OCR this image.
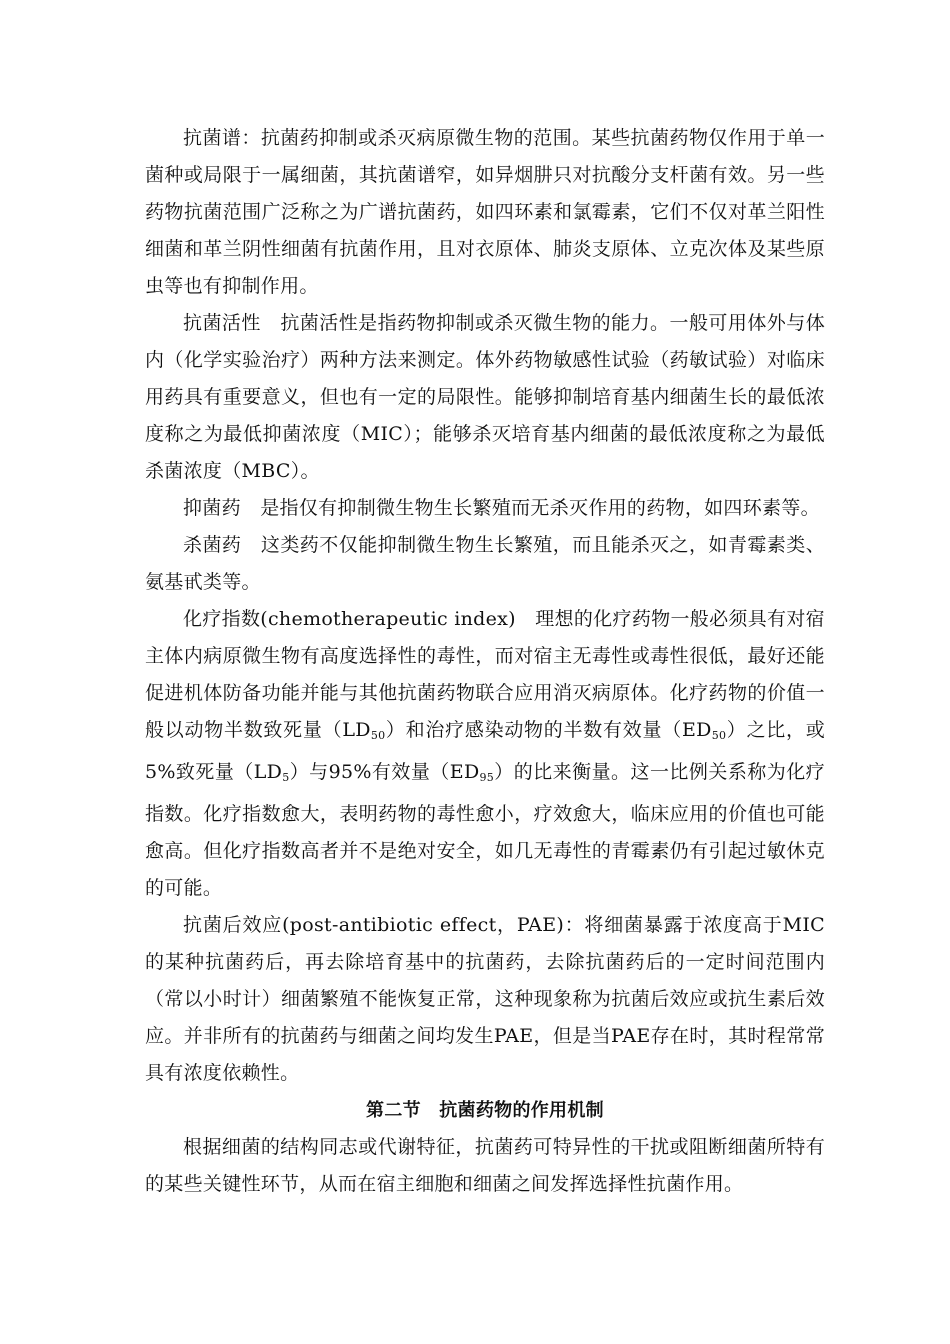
抗菌谱：抗菌药抑制或杀灭病原微生物的范围。某些抗菌药物仅作用于单一菌种或局限于一属细菌，其抗菌谱窄，如异烟肼只对抗酸分支杆菌有效。另一些药物抗菌范围广泛称之为广谱抗菌药，如四环素和氯霉素，它们不仅对革兰阳性细菌和革兰阴性细菌有抗菌作用，且对衣原体、肺炎支原体、立克次体及某些原虫等也有抑制作用。

抗菌活性　 抗菌活性是指药物抑制或杀灭微生物的能力。一般可用体外与体内（化学实验治疗）两种方法来测定。体外药物敏感性试验（药敏试验）对临床用药具有重要意义，但也有一定的局限性。能够抑制培育基内细菌生长的最低浓度称之为最低抑菌浓度（MIC）；能够杀灭培育基内细菌的最低浓度称之为最低杀菌浓度（MBC）。

抑菌药　 是指仅有抑制微生物生长繁殖而无杀灭作用的药物，如四环素等。

杀菌药　 这类药不仅能抑制微生物生长繁殖，而且能杀灭之，如青霉素类、氨基甙类等。

化疗指数(chemotherapeutic index)　 理想的化疗药物一般必须具有对宿主体内病原微生物有高度选择性的毒性，而对宿主无毒性或毒性很低，最好还能促进机体防备功能并能与其他抗菌药物联合应用消灭病原体。化疗药物的价值一般以动物半数致死量$(LD_{50})$和治疗感染动物的半数有效量$(ED_{50})$之比，或5%致死量$(LD_5)$与95%有效量$(ED_{95})$的比来衡量。这一比例关系称为化疗指数。化疗指数愈大，表明药物的毒性愈小，疗效愈大，临床应用的价值也可能愈高。但化疗指数高者并不是绝对安全，如几无毒性的青霉素仍有引起过敏休克的可能。

抗菌后效应(post-antibiotic effect，PAE)：将细菌暴露于浓度高于MIC的某种抗菌药后，再去除培育基中的抗菌药，去除抗菌药后的一定时间范围内（常以小时计）细菌繁殖不能恢复正常，这种现象称为抗菌后效应或抗生素后效应。并非所有的抗菌药与细菌之间均发生PAE，但是当PAE存在时，其时程常常具有浓度依赖性。

第二节　抗菌药物的作用机制

根据细菌的结构同志或代谢特征，抗菌药可特异性的干扰或阻断细菌所特有的某些关键性环节，从而在宿主细胞和细菌之间发挥选择性抗菌作用。
